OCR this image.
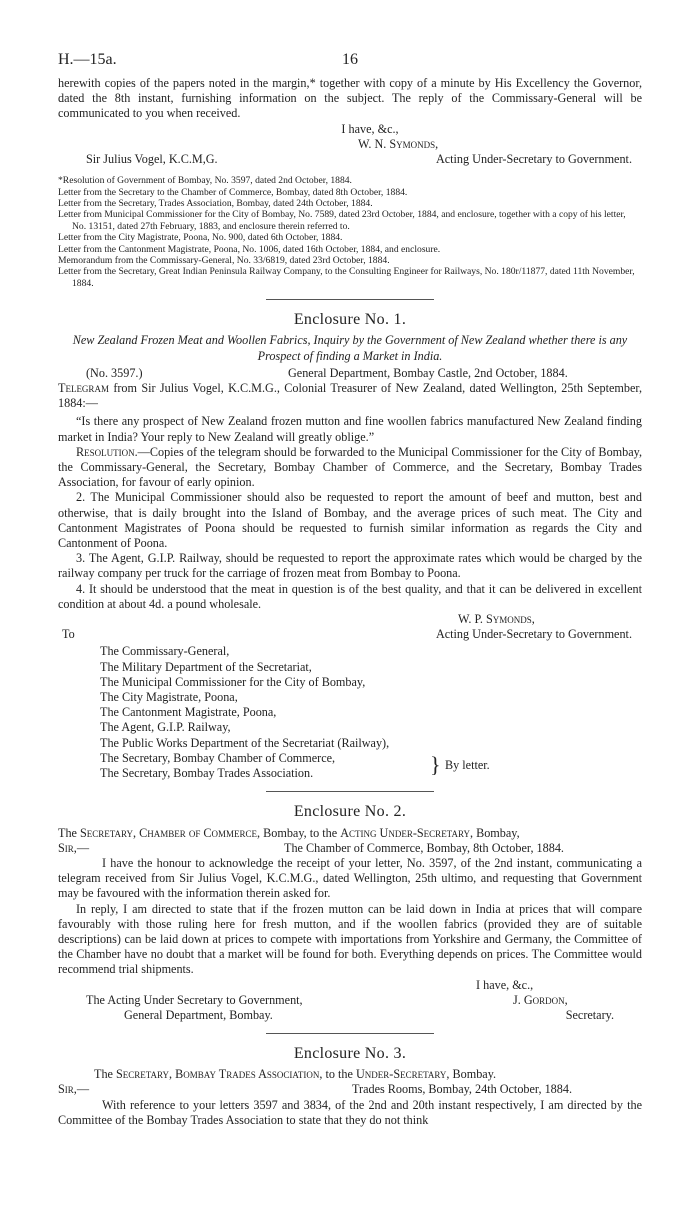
H.—15a.	16

herewith copies of the papers noted in the margin,* together with copy of a minute by His Excellency the Governor, dated the 8th instant, furnishing information on the subject. The reply of the Commissary-General will be communicated to you when received.

I have, &c.,

W. N. Symonds,
Sir Julius Vogel, K.C.M,G.	Acting Under-Secretary to Government.

*Resolution of Government of Bombay, No. 3597, dated 2nd October, 1884.

Letter from the Secretary to the Chamber of Commerce, Bombay, dated 8th October, 1884.

Letter from the Secretary, Trades Association, Bombay, dated 24th October, 1884.

Letter from Municipal Commissioner for the City of Bombay, No. 7589, dated 23rd October, 1884, and enclosure, together with a copy of his letter, No. 13151, dated 27th February, 1883, and enclosure therein referred to.

Letter from the City Magistrate, Poona, No. 900, dated 6th October, 1884.

Letter from the Cantonment Magistrate, Poona, No. 1006, dated 16th October, 1884, and enclosure.

Memorandum from the Commissary-General, No. 33/6819, dated 23rd October, 1884.

Letter from the Secretary, Great Indian Peninsula Railway Company, to the Consulting Engineer for Railways, No. 180r/11877, dated 11th November, 1884.

Enclosure No. 1.

New Zealand Frozen Meat and Woollen Fabrics, Inquiry by the Government of New Zealand whether there is any Prospect of finding a Market in India.

(No. 3597.)	General Department, Bombay Castle, 2nd October, 1884.

Telegram from Sir Julius Vogel, K.C.M.G., Colonial Treasurer of New Zealand, dated Wellington, 25th September, 1884:—

“Is there any prospect of New Zealand frozen mutton and fine woollen fabrics manufactured New Zealand finding market in India? Your reply to New Zealand will greatly oblige.”

Resolution.—Copies of the telegram should be forwarded to the Municipal Commissioner for the City of Bombay, the Commissary-General, the Secretary, Bombay Chamber of Commerce, and the Secretary, Bombay Trades Association, for favour of early opinion.

2. The Municipal Commissioner should also be requested to report the amount of beef and mutton, best and otherwise, that is daily brought into the Island of Bombay, and the average prices of such meat. The City and Cantonment Magistrates of Poona should be requested to furnish similar information as regards the City and Cantonment of Poona.

3. The Agent, G.I.P. Railway, should be requested to report the approximate rates which would be charged by the railway company per truck for the carriage of frozen meat from Bombay to Poona.

4. It should be understood that the meat in question is of the best quality, and that it can be delivered in excellent condition at about 4d. a pound wholesale.

W. P. Symonds,
To	Acting Under-Secretary to Government.

The Commissary-General,

The Military Department of the Secretariat,

The Municipal Commissioner for the City of Bombay,

The City Magistrate, Poona,

The Cantonment Magistrate, Poona,

The Agent, G.I.P. Railway,

The Public Works Department of the Secretariat (Railway),

The Secretary, Bombay Chamber of Commerce,

The Secretary, Bombay Trades Association.	} By letter.
Enclosure No. 2.

The Secretary, Chamber of Commerce, Bombay, to the Acting Under-Secretary, Bombay,

Sir,—	The Chamber of Commerce, Bombay, 8th October, 1884.

I have the honour to acknowledge the receipt of your letter, No. 3597, of the 2nd instant, communicating a telegram received from Sir Julius Vogel, K.C.M.G., dated Wellington, 25th ultimo, and requesting that Government may be favoured with the information therein asked for.

In reply, I am directed to state that if the frozen mutton can be laid down in India at prices that will compare favourably with those ruling here for fresh mutton, and if the woollen fabrics (provided they are of suitable descriptions) can be laid down at prices to compete with importations from Yorkshire and Germany, the Committee of the Chamber have no doubt that a market will be found for both. Everything depends on prices. The Committee would recommend trial shipments.

I have, &c.,
The Acting Under Secretary to Government,	J. Gordon,
General Department, Bombay.	Secretary.
Enclosure No. 3.

The Secretary, Bombay Trades Association, to the Under-Secretary, Bombay.

Sir,—	Trades Rooms, Bombay, 24th October, 1884.

With reference to your letters 3597 and 3834, of the 2nd and 20th instant respectively, I am directed by the Committee of the Bombay Trades Association to state that they do not think
